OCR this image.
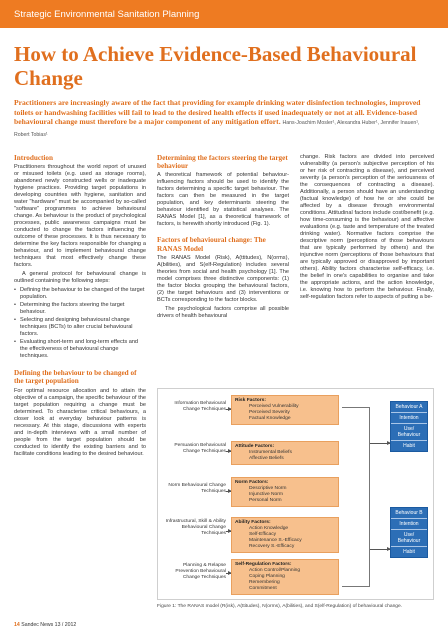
Strategic Environmental Sanitation Planning
How to Achieve Evidence-Based Behavioural Change
Practitioners are increasingly aware of the fact that providing for example drinking water disinfection technologies, improved toilets or handwashing facilities will fail to lead to the desired health effects if used inadequately or not at all. Evidence-based behavioural change must therefore be a major component of any mitigation effort. Hans-Joachim Mosler¹, Alexandra Huber¹, Jennifer Inauen¹, Robert Tobias¹
Introduction

Practitioners throughout the world report of unused or misused toilets (e.g. used as storage rooms), abandoned newly constructed wells or inadequate hygiene practices. Providing target populations in developing countries with hygiene, sanitation and water "hardware" must be accompanied by so-called "software" programmes to achieve behavioural change. As behaviour is the product of psychological processes, public awareness campaigns must be conducted to change the factors influencing the outcome of these processes. It is thus necessary to determine the key factors responsible for changing a behaviour, and to implement behavioural change techniques that most effectively change these factors.

A general protocol for behavioural change is outlined containing the following steps:

• Defining the behaviour to be changed of the target population.
• Determining the factors steering the target behaviour.
• Selecting and designing behavioural change techniques (BCTs) to alter crucial behavioural factors.
• Evaluating short-term and long-term effects and the effectiveness of behavioural change techniques.
Defining the behaviour to be changed of the target population

For optimal resource allocation and to attain the objective of a campaign, the specific behaviour of the target population requiring a change must be determined. To characterise critical behaviours, a closer look at everyday behaviour patterns is necessary. At this stage, discussions with experts and in-depth interviews with a small number of people from the target population should be conducted to identify the existing barriers and to facilitate conditions leading to the desired behaviour.

Determining the factors steering the target behaviour

A theoretical framework of potential behaviour-influencing factors should be used to identify the factors determining a specific target behaviour. The factors can then be measured in the target population, and key determinants steering the behaviour identified by statistical analyses. The RANAS Model [1], as a theoretical framework of factors, is herewith shortly introduced (Fig. 1).

Factors of behavioural change: The RANAS Model

The RANAS Model (Risk), A(ttitudes), N(orms), A(bilities), and S(elf-Regulation) includes several theories from social and health psychology [1]. The model comprises three distinctive components: (1) the factor blocks grouping the behavioural factors, (2) the target behaviours and (3) interventions or BCTs corresponding to the factor blocks.

The psychological factors comprise all possible drivers of health behavioural

change. Risk factors are divided into perceived vulnerability (a person's subjective perception of his or her risk of contracting a disease), and perceived severity (a person's perception of the seriousness of the consequences of contracting a disease). Additionally, a person should have an understanding (factual knowledge) of how he or she could be affected by a disease through environmental conditions. Attitudinal factors include cost/benefit (e.g. how time-consuming is the behaviour) and affective evaluations (e.g. taste and temperature of the treated drinking water). Normative factors comprise the descriptive norm (perceptions of those behaviours that are typically performed by others) and the injunctive norm (perceptions of those behaviours that are typically approved or disapproved by important others). Ability factors characterise self-efficacy, i.e. the belief in one's capabilities to organise and take the appropriate actions, and the action knowledge, i.e. knowing how to perform the behaviour. Finally, self-regulation factors refer to aspects of putting a be-

Information Behavioural Change Techniques
Risk Factors:
Perceived Vulnerability
Perceived Severity
Factual Knowledge
Persuasion Behavioural Change Techniques
Attitude Factors:
Instrumental Beliefs
Affective Beliefs
Norm Behavioural Change Techniques
Norm Factors:
Descriptive Norm
Injunctive Norm
Personal Norm
Infrastructural, Skill & Ability Behavioural Change Techniques
Ability Factors:
Action Knowledge
Self-Efficacy
Maintenance S.-Efficacy
Recovery S.-Efficacy
Planning & Relapse Prevention Behavioural Change Techniques
Self-Regulation Factors:
Action Control/Planning
Coping Planning
Remembering
Commitment
Behaviour A
Intention
Use/ Behaviour
Habit
Behaviour B
Intention
Use/ Behaviour
Habit
Figure 1: The RANAS model (R(isk), A(ttitudes), N(orms), A(bilities), and S(elf-Regulation) of behavioural change.
14 Sandec News 13 / 2012
